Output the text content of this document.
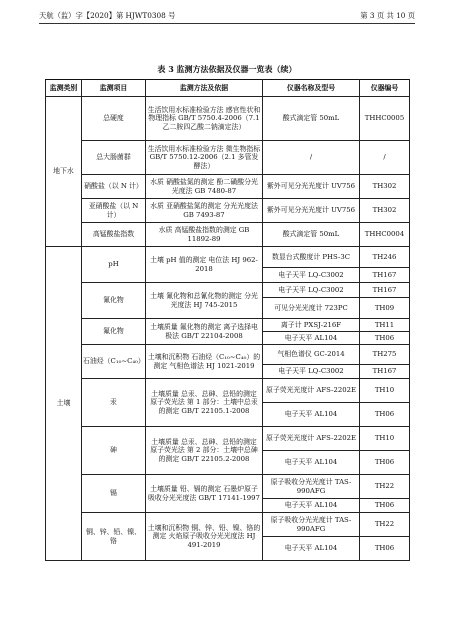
天航（监）字【2020】第 HJWT0308 号	第 3 页 共 10 页
表 3 监测方法依据及仪器一览表（续）
监测类别	监测项目	监测方法及依据	仪器名称及型号	仪器编号
地下水	总硬度	生活饮用水标准检验方法 感官性状和物理指标 GB/T 5750.4-2006（7.1 乙二胺四乙酸二钠滴定法）	酸式滴定管 50mL	THHC0005
	总大肠菌群	生活饮用水标准检验方法 微生物指标 GB/T 5750.12-2006（2.1 多管发酵法）	/	/
	硝酸盐（以 N 计）	水质 硝酸盐氮的测定 酚二磺酸分光光度法 GB 7480-87	紫外可见分光光度计 UV756	TH302
	亚硝酸盐（以 N 计）	水质 亚硝酸盐氮的测定 分光光度法 GB 7493-87	紫外可见分光光度计 UV756	TH302
	高锰酸盐指数	水质 高锰酸盐指数的测定 GB 11892-89	酸式滴定管 50mL	THHC0004
土壤	pH	土壤 pH 值的测定 电位法 HJ 962-2018	数显台式酸度计 PHS-3C	TH246
			电子天平 LQ-C3002	TH167
	氰化物	土壤 氰化物和总氰化物的测定 分光光度法 HJ 745-2015	电子天平 LQ-C3002	TH167
			可见分光光度计 723PC	TH09
	氟化物	土壤质量 氟化物的测定 离子选择电极法 GB/T 22104-2008	离子计 PXSJ-216F	TH11
			电子天平 AL104	TH06
	石油烃（C₁₀~C₄₀）	土壤和沉积物 石油烃（C₁₀~C₄₀）的测定 气相色谱法 HJ 1021-2019	气相色谱仪 GC-2014	TH275
			电子天平 LQ-C3002	TH167
	汞	土壤质量 总汞、总砷、总铅的测定 原子荧光法 第 1 部分：土壤中总汞的测定 GB/T 22105.1-2008	原子荧光光度计 AFS-2202E	TH10
			电子天平 AL104	TH06
	砷	土壤质量 总汞、总砷、总铅的测定 原子荧光法 第 2 部分：土壤中总砷的测定 GB/T 22105.2-2008	原子荧光光度计 AFS-2202E	TH10
			电子天平 AL104	TH06
	镉	土壤质量 铅、镉的测定 石墨炉原子吸收分光光度法 GB/T 17141-1997	原子吸收分光光度计 TAS-990AFG	TH22
			电子天平 AL104	TH06
	铜、锌、铅、镍、铬	土壤和沉积物 铜、锌、铅、镍、铬的测定 火焰原子吸收分光光度法 HJ 491-2019	原子吸收分光光度计 TAS-990AFG	TH22
			电子天平 AL104	TH06
